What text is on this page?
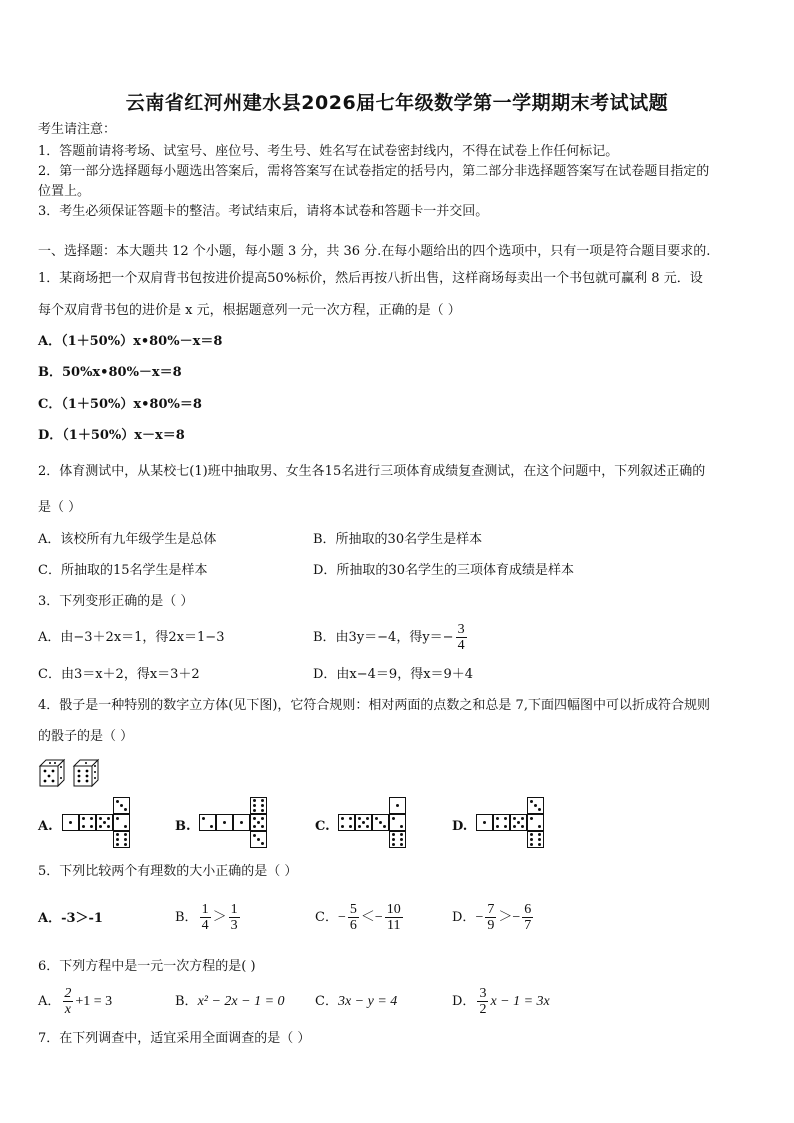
云南省红河州建水县2026届七年级数学第一学期期末考试试题
考生请注意：
1．答题前请将考场、试室号、座位号、考生号、姓名写在试卷密封线内，不得在试卷上作任何标记。
2．第一部分选择题每小题选出答案后，需将答案写在试卷指定的括号内，第二部分非选择题答案写在试卷题目指定的
位置上。
3．考生必须保证答题卡的整洁。考试结束后，请将本试卷和答题卡一并交回。
一、选择题：本大题共 12 个小题，每小题 3 分，共 36 分.在每小题给出的四个选项中，只有一项是符合题目要求的.
1．某商场把一个双肩背书包按进价提高50%标价，然后再按八折出售，这样商场每卖出一个书包就可赢利 8 元．设
每个双肩背书包的进价是 x 元，根据题意列一元一次方程，正确的是（ ）
A．（1＋50%）x•80%－x＝8
B．50%x•80%－x＝8
C．（1＋50%）x•80%＝8
D．（1＋50%）x－x＝8
2．体育测试中，从某校七(1)班中抽取男、女生各15名进行三项体育成绩复查测试，在这个问题中，下列叙述正确的
是（ ）
A．该校所有九年级学生是总体	B．所抽取的30名学生是样本
C．所抽取的15名学生是样本	D．所抽取的30名学生的三项体育成绩是样本
3．下列变形正确的是（ ）
A．由−3＋2x＝1，得2x＝1−3	B．由3y＝−4，得$y=- \frac{3}{4}$
C．由3＝x＋2，得x＝3＋2	D．由x−4＝9，得x＝9＋4
4．骰子是一种特别的数字立方体(见下图)，它符合规则：相对两面的点数之和总是 7,下面四幅图中可以折成符合规则
的骰子的是（ ）
A.	B.	C.	D.
5．下列比较两个有理数的大小正确的是（ ）
A．-3＞-1	B． $\frac{1}{4} > \frac{1}{3}$	C．− $\frac{5}{6} <- \frac{10}{11}$	D．− $\frac{7}{9} >- \frac{6}{7}$
6．下列方程中是一元一次方程的是( )
A． $\frac{2}{x} +1 = 3$	B．x² − 2x − 1 = 0 C．3x − y = 4	D． $\frac{3}{2}$ x − 1 = 3x
7．在下列调查中，适宜采用全面调查的是（ ）
